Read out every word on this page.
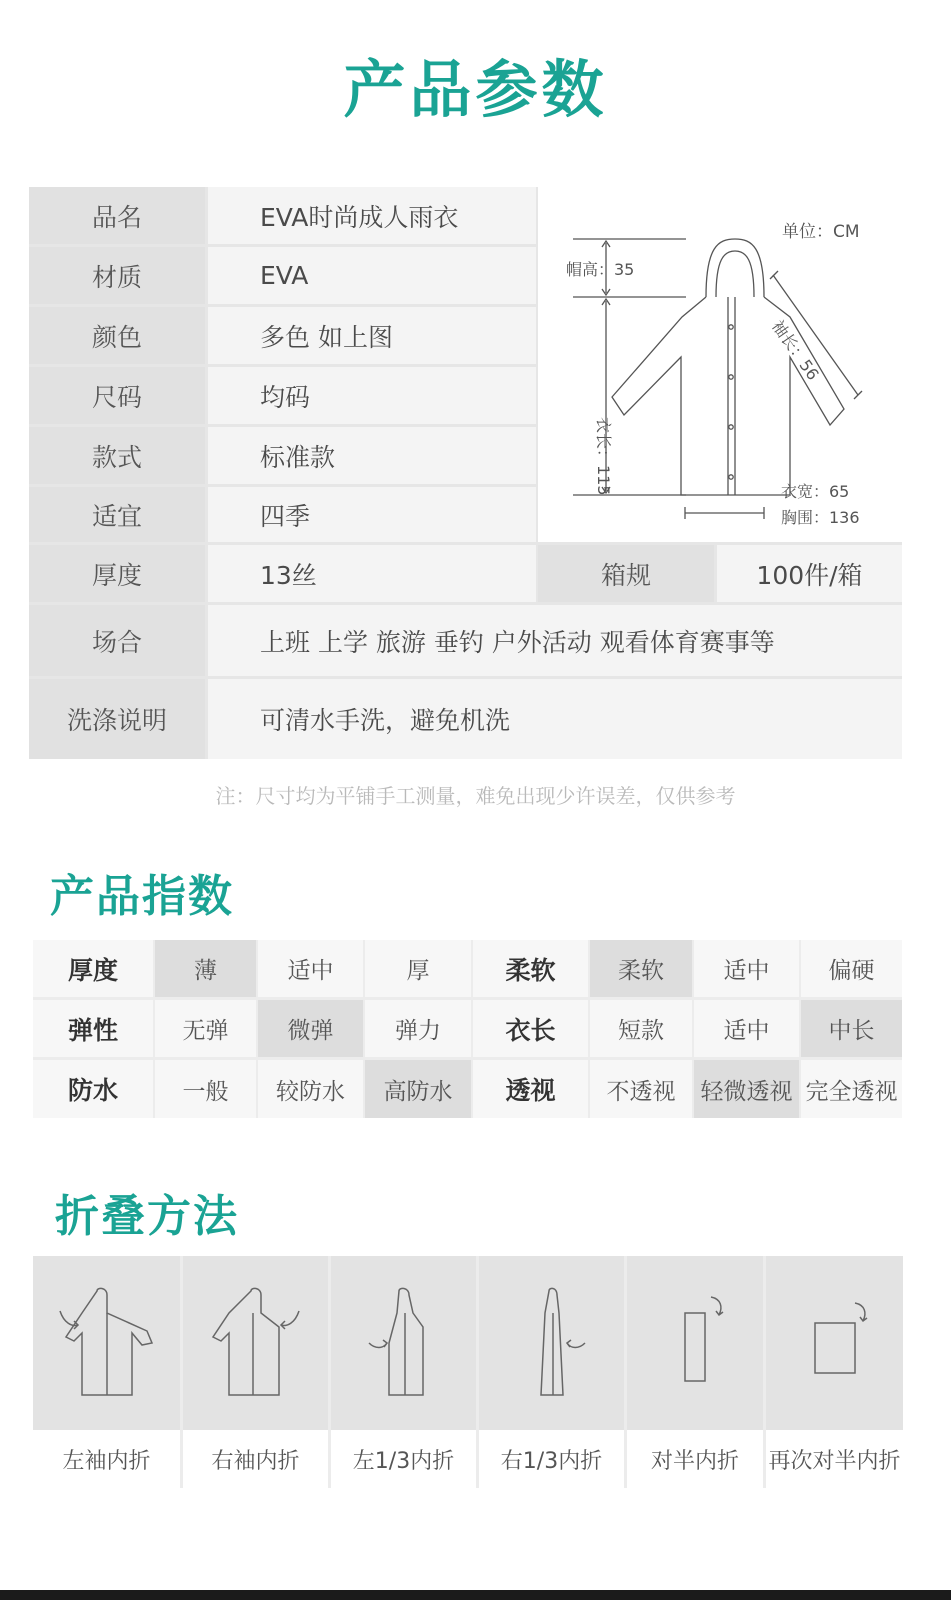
产品参数
品名	EVA时尚成人雨衣
材质	EVA
颜色	多色 如上图
尺码	均码
款式	标准款
适宜	四季
单位：CM
帽高：35
衣长：115
袖长：56
衣宽：65
胸围：136
厚度	13丝	箱规	100件/箱
场合	上班 上学 旅游 垂钓 户外活动 观看体育赛事等
洗涤说明	可清水手洗，避免机洗
注：尺寸均为平铺手工测量，难免出现少许误差，仅供参考
产品指数
厚度	薄	适中	厚	柔软	柔软	适中	偏硬
弹性	无弹	微弹	弹力	衣长	短款	适中	中长
防水	一般	较防水	高防水	透视	不透视	轻微透视 完全透视
折叠方法
左袖内折	右袖内折	左1/3内折	右1/3内折	对半内折	再次对半内折
